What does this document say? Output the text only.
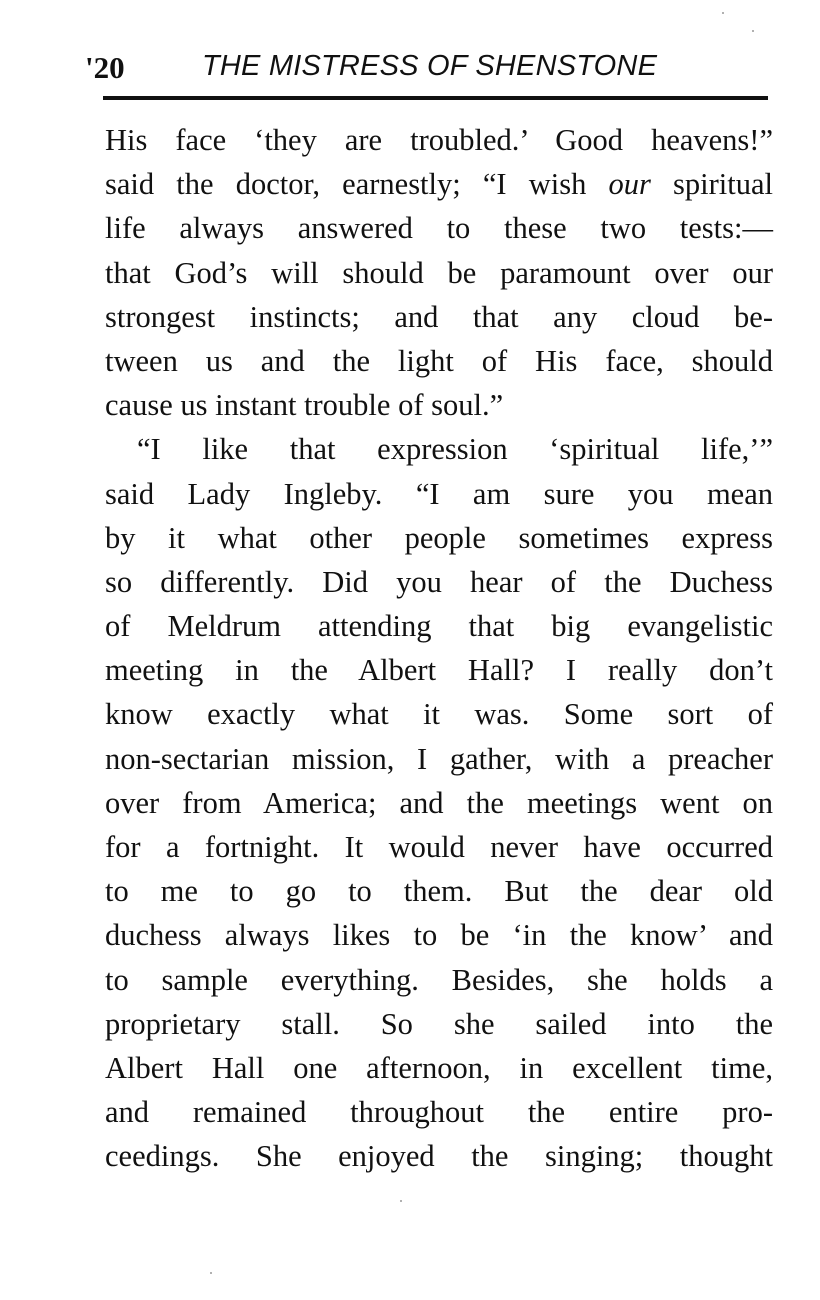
'20	THE MISTRESS OF SHENSTONE
His face ‘they are troubled.’ Good heavens!”
said the doctor, earnestly; “I wish our spiritual
life always answered to these two tests:—
that God’s will should be paramount over our
strongest instincts; and that any cloud be-
tween us and the light of His face, should
cause us instant trouble of soul.”
“I like that expression ‘spiritual life,’”
said Lady Ingleby. “I am sure you mean
by it what other people sometimes express
so differently. Did you hear of the Duchess
of Meldrum attending that big evangelistic
meeting in the Albert Hall? I really don’t
know exactly what it was. Some sort of
non-sectarian mission, I gather, with a preacher
over from America; and the meetings went on
for a fortnight. It would never have occurred
to me to go to them. But the dear old
duchess always likes to be ‘in the know’ and
to sample everything. Besides, she holds a
proprietary stall. So she sailed into the
Albert Hall one afternoon, in excellent time,
and remained throughout the entire pro-
ceedings. She enjoyed the singing; thought
